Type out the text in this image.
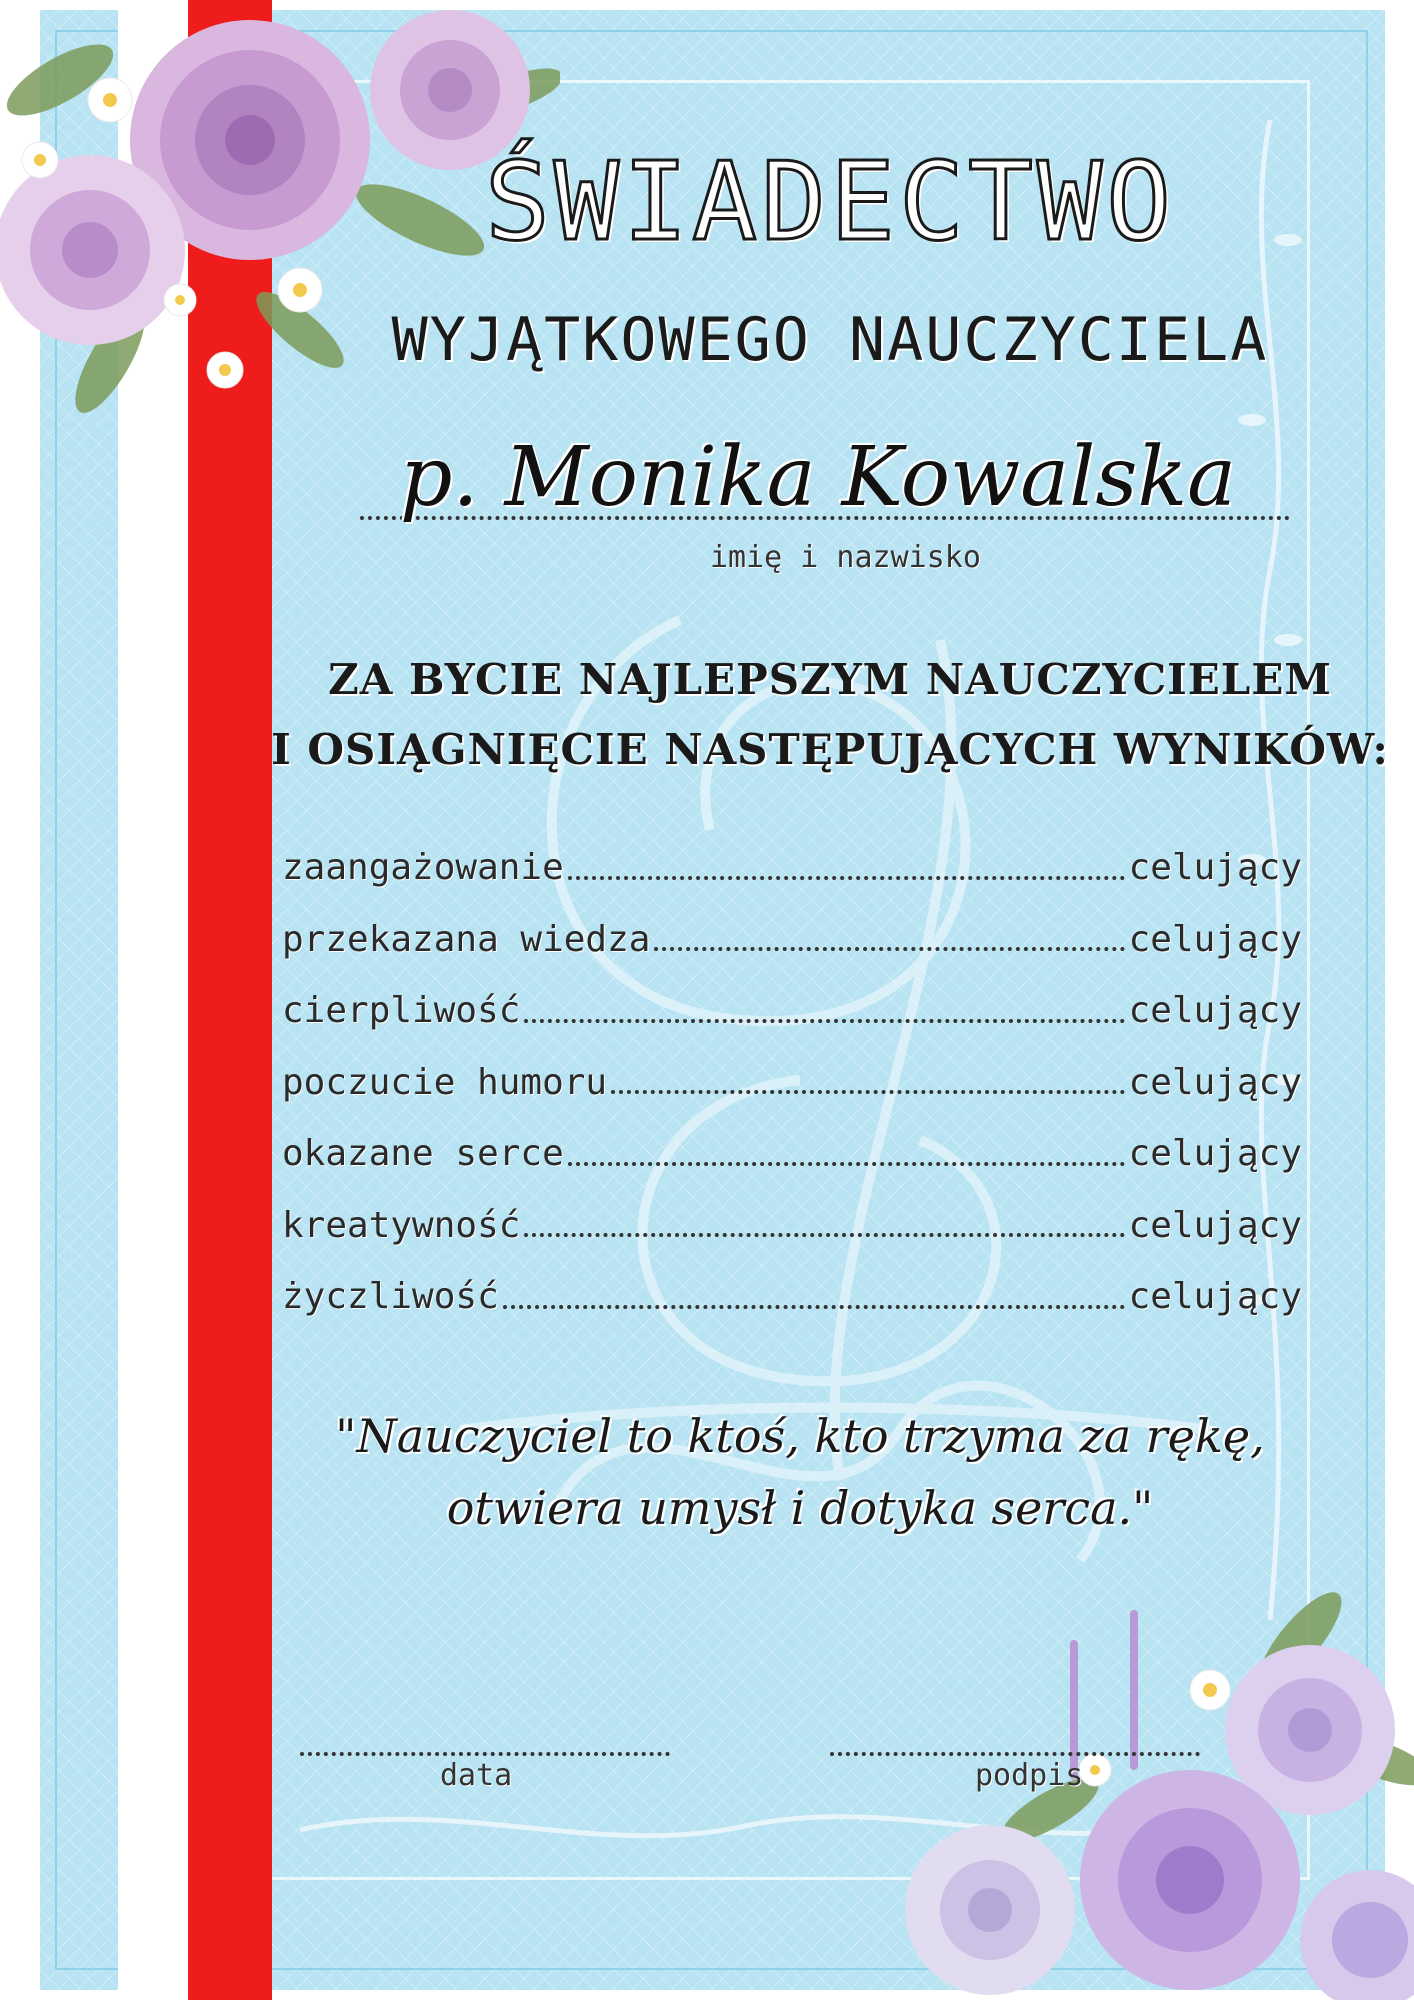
ŚWIADECTWO
WYJĄTKOWEGO NAUCZYCIELA
p. Monika Kowalska
imię i nazwisko
ZA BYCIE NAJLEPSZYM NAUCZYCIELEM
I OSIĄGNIĘCIE NASTĘPUJĄCYCH WYNIKÓW:
zaangażowanie	celujący
przekazana wiedza	celujący
cierpliwość	celujący
poczucie humoru	celujący
okazane serce	celujący
kreatywność	celujący
życzliwość	celujący
"Nauczyciel to ktoś, kto trzyma za rękę,
otwiera umysł i dotyka serca."
data	podpis
